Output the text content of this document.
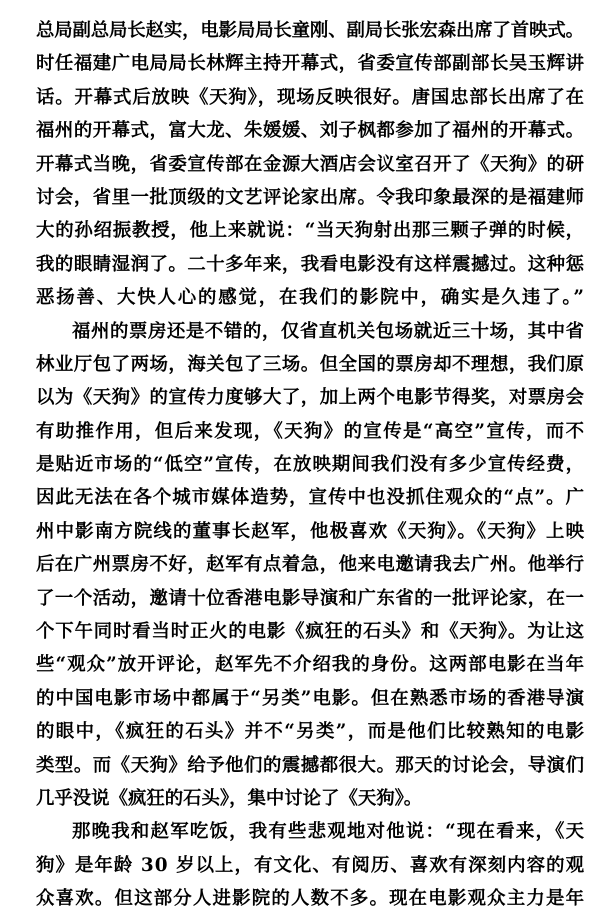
总局副总局长赵实，电影局局长童刚、副局长张宏森出席了首映式。
时任福建广电局局长林辉主持开幕式，省委宣传部副部长吴玉辉讲
话。开幕式后放映《天狗》，现场反映很好。唐国忠部长出席了在
福州的开幕式，富大龙、朱媛媛、刘子枫都参加了福州的开幕式。
开幕式当晚，省委宣传部在金源大酒店会议室召开了《天狗》的研
讨会，省里一批顶级的文艺评论家出席。令我印象最深的是福建师
大的孙绍振教授，他上来就说：“当天狗射出那三颗子弹的时候，
我的眼睛湿润了。二十多年来，我看电影没有这样震撼过。这种惩
恶扬善、大快人心的感觉，在我们的影院中，确实是久违了。”
福州的票房还是不错的，仅省直机关包场就近三十场，其中省
林业厅包了两场，海关包了三场。但全国的票房却不理想，我们原
以为《天狗》的宣传力度够大了，加上两个电影节得奖，对票房会
有助推作用，但后来发现，《天狗》的宣传是“高空”宣传，而不
是贴近市场的“低空”宣传，在放映期间我们没有多少宣传经费，
因此无法在各个城市媒体造势，宣传中也没抓住观众的“点”。广
州中影南方院线的董事长赵军，他极喜欢《天狗》。《天狗》上映
后在广州票房不好，赵军有点着急，他来电邀请我去广州。他举行
了一个活动，邀请十位香港电影导演和广东省的一批评论家，在一
个下午同时看当时正火的电影《疯狂的石头》和《天狗》。为让这
些“观众”放开评论，赵军先不介绍我的身份。这两部电影在当年
的中国电影市场中都属于“另类”电影。但在熟悉市场的香港导演
的眼中，《疯狂的石头》并不“另类”，而是他们比较熟知的电影
类型。而《天狗》给予他们的震撼都很大。那天的讨论会，导演们
几乎没说《疯狂的石头》，集中讨论了《天狗》。
那晚我和赵军吃饭，我有些悲观地对他说：“现在看来，《天
狗》是年龄 30 岁以上，有文化、有阅历、喜欢有深刻内容的观
众喜欢。但这部分人进影院的人数不多。现在电影观众主力是年
